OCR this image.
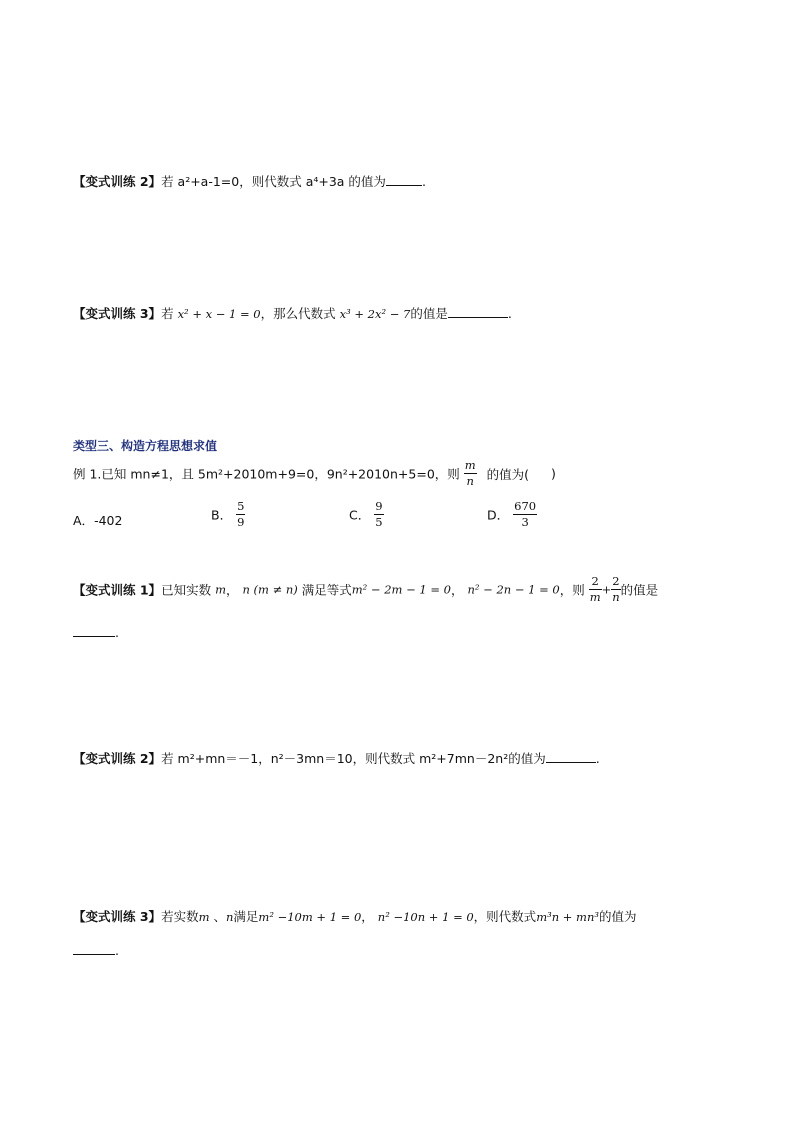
【变式训练 2】若 a²+a-1=0，则代数式 a⁴+3a 的值为	.
【变式训练 3】若 x² + x − 1 = 0，那么代数式 x³ + 2x² − 7的值是	.
类型三、构造方程思想求值
例 1.已知 mn≠1，且 5m²+2010m+9=0，9n²+2010n+5=0，则 $\frac{m}{n}$ 的值为( )
A．-402	B． $\frac{5}{9}$	C． $\frac{9}{5}$	D． $\frac{670}{3}$
【变式训练 1】已知实数 m， n (m ≠ n) 满足等式m² − 2m − 1 = 0， n² − 2n − 1 = 0，则 $\frac{2}{m} + \frac{2}{n}$ 的值是
.
【变式训练 2】若 m²+mn＝－1，n²－3mn＝10，则代数式 m²+7mn－2n²的值为	.
【变式训练 3】若实数m 、n满足m² −10m + 1 = 0， n² −10n + 1 = 0，则代数式m³n + mn³的值为
.
